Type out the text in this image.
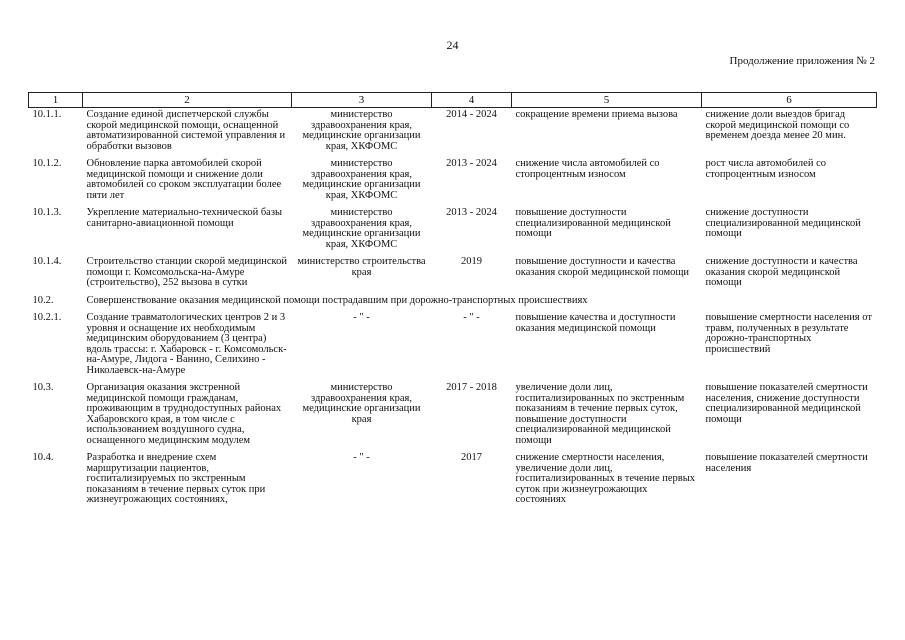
24
Продолжение приложения № 2
1	2	3	4	5	6
10.1.1.	Создание единой диспетчерской службы скорой медицинской помощи, оснащенной автоматизированной системой управления и обработки вызовов	министерство здравоохранения края, медицинские организации края, ХКФОМС	2014 - 2024	сокращение времени приема вызова	снижение доли выездов бригад скорой медицинской помощи со временем доезда менее 20 мин.
10.1.2.	Обновление парка автомобилей скорой медицинской помощи и снижение доли автомобилей со сроком эксплуатации более пяти лет	министерство здравоохранения края, медицинские организации края, ХКФОМС	2013 - 2024	снижение числа автомобилей со стопроцентным износом	рост числа автомобилей со стопроцентным износом
10.1.3.	Укрепление материально-технической базы санитарно-авиационной помощи	министерство здравоохранения края, медицинские организации края, ХКФОМС	2013 - 2024	повышение доступности специализированной медицинской помощи	снижение доступности специализированной медицинской помощи
10.1.4.	Строительство станции скорой медицинской помощи г. Комсомольска-на-Амуре (строительство), 252 вызова в сутки	министерство строительства края	2019	повышение доступности и качества оказания скорой медицинской помощи	снижение доступности и качества оказания скорой медицинской помощи
10.2.	Совершенствование оказания медицинской помощи пострадавшим при дорожно-транспортных происшествиях				
10.2.1.	Создание травматологических центров 2 и 3 уровня и оснащение их необходимым медицинским оборудованием (3 центра) вдоль трассы: г. Хабаровск - г. Комсомольск-на-Амуре, Лидога - Ванино, Селихино - Николаевск-на-Амуре	- " -	- " -	повышение качества и доступности оказания медицинской помощи	повышение смертности населения от травм, полученных в результате дорожно-транспортных происшествий
10.3.	Организация оказания экстренной медицинской помощи гражданам, проживающим в труднодоступных районах Хабаровского края, в том числе с использованием воздушного судна, оснащенного медицинским модулем	министерство здравоохранения края, медицинские организации края	2017 - 2018	увеличение доли лиц, госпитализированных по экстренным показаниям в течение первых суток, повышение доступности специализированной медицинской помощи	повышение показателей смертности населения, снижение доступности специализированной медицинской помощи
10.4.	Разработка и внедрение схем маршрутизации пациентов, госпитализируемых по экстренным показаниям в течение первых суток при жизнеугрожающих состояниях,	- " -	2017	снижение смертности населения, увеличение доли лиц, госпитализированных в течение первых суток при жизнеугрожающих состояниях	повышение показателей смертности населения
